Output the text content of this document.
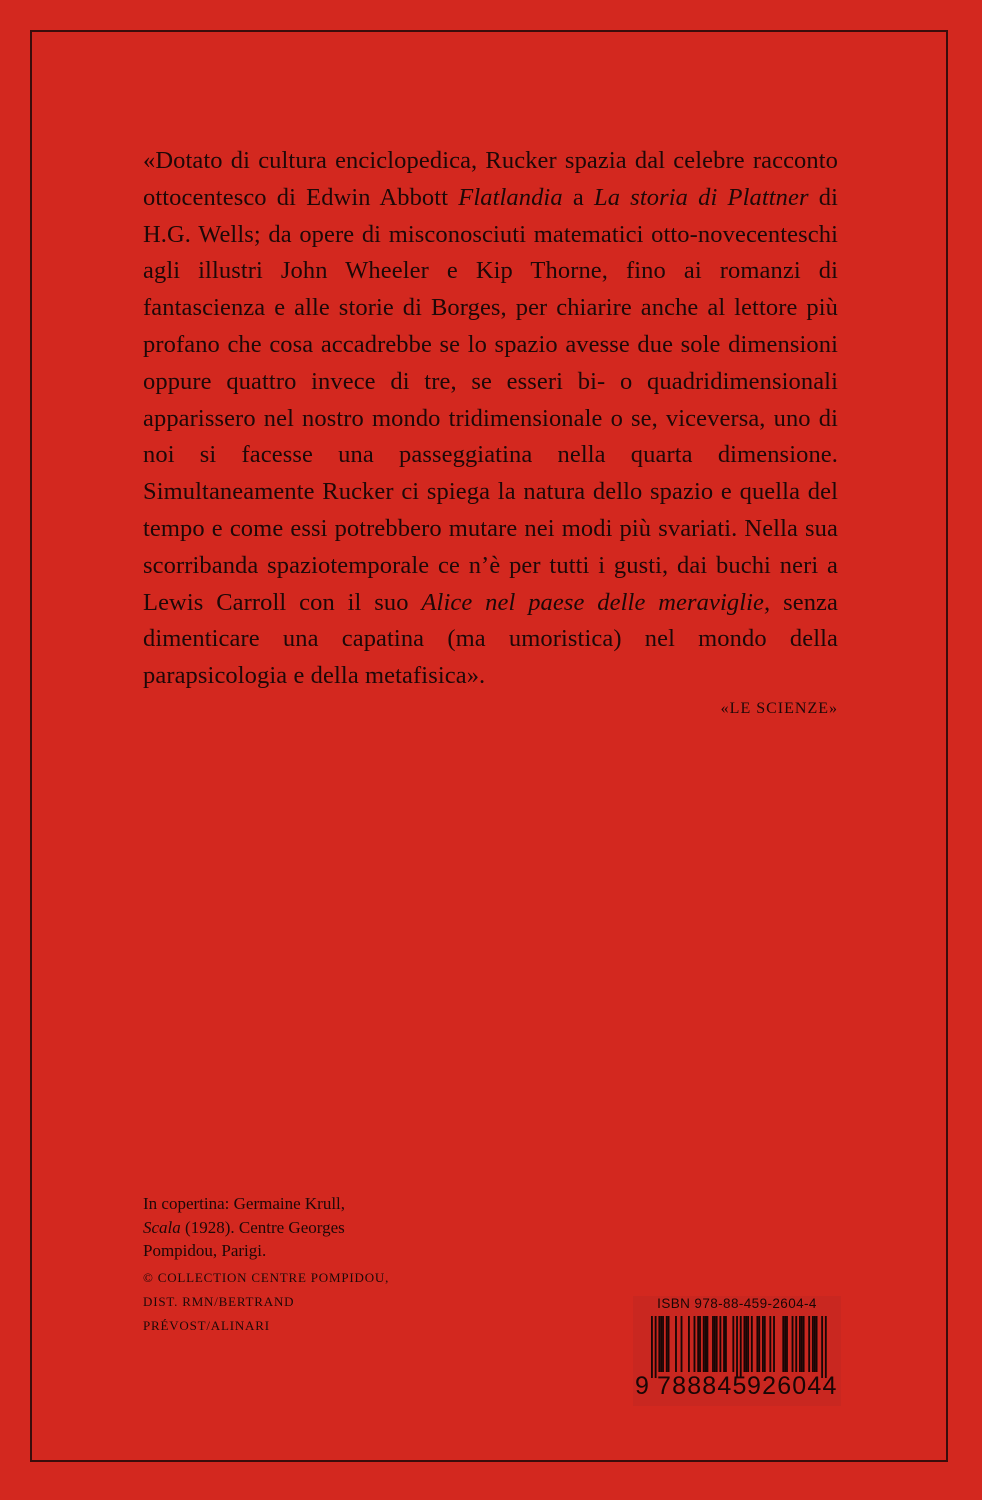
«Dotato di cultura enciclopedica, Rucker spazia dal celebre racconto ottocentesco di Edwin Abbott Flatlandia a La storia di Plattner di H.G. Wells; da opere di misconosciuti matematici otto-novecenteschi agli illustri John Wheeler e Kip Thorne, fino ai romanzi di fantascienza e alle storie di Borges, per chiarire anche al lettore più profano che cosa accadrebbe se lo spazio avesse due sole dimensioni oppure quattro invece di tre, se esseri bi- o quadridimensionali apparissero nel nostro mondo tridimensionale o se, viceversa, uno di noi si facesse una passeggiatina nella quarta dimensione. Simultaneamente Rucker ci spiega la natura dello spazio e quella del tempo e come essi potrebbero mutare nei modi più svariati. Nella sua scorribanda spaziotemporale ce n’è per tutti i gusti, dai buchi neri a Lewis Carroll con il suo Alice nel paese delle meraviglie, senza dimenticare una capatina (ma umoristica) nel mondo della parapsicologia e della metafisica».

«LE SCIENZE»

In copertina: Germaine Krull,
Scala (1928). Centre Georges Pompidou, Parigi.
© COLLECTION CENTRE POMPIDOU, DIST. RMN/BERTRAND PRÉVOST/ALINARI
ISBN 978-88-459-2604-4
9 788845 926044
